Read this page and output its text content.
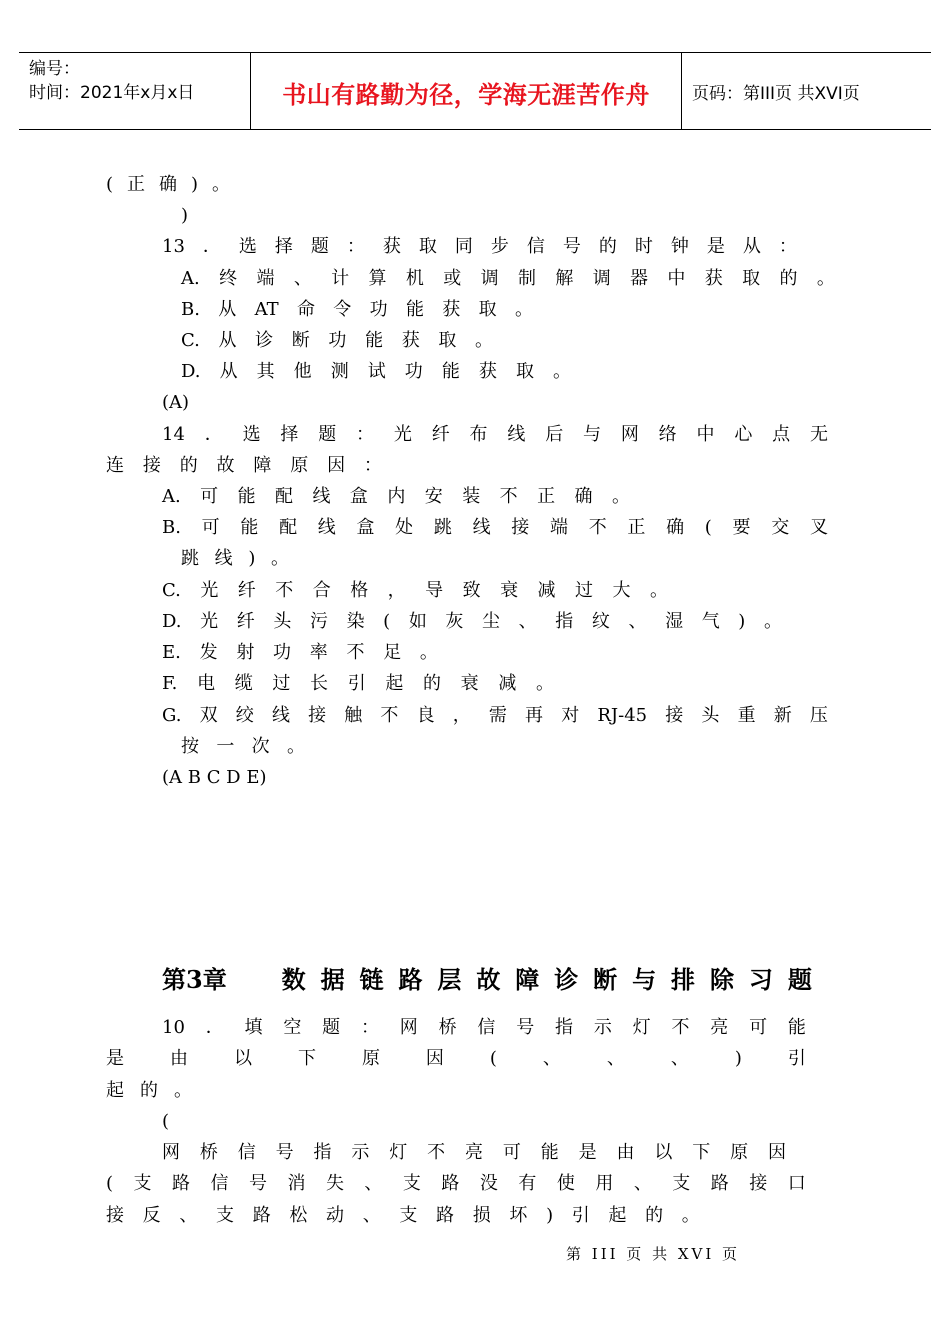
编号：
时间：2021年x月x日	书山有路勤为径，学海无涯苦作舟 页码：第III页 共XVI页
( 正 确 ) 。
)
13 ． 选 择 题 ： 获 取 同 步 信 号 的 时 钟 是 从 ：
A. 终 端 、 计 算 机 或 调 制 解 调 器 中 获 取 的 。
B. 从 AT 命 令 功 能 获 取 。
C. 从 诊 断 功 能 获 取 。
D. 从 其 他 测 试 功 能 获 取 。
(A)
14 ． 选 择 题 ： 光 纤 布 线 后 与 网 络 中 心 点 无
连 接 的 故 障 原 因 ：
A. 可 能 配 线 盒 内 安 装 不 正 确 。
B. 可 能 配 线 盒 处 跳 线 接 端 不 正 确 ( 要 交 叉
跳 线 ) 。
C. 光 纤 不 合 格 ， 导 致 衰 减 过 大 。
D. 光 纤 头 污 染 ( 如 灰 尘 、 指 纹 、 湿 气 ) 。
E. 发 射 功 率 不 足 。
F. 电 缆 过 长 引 起 的 衰 减 。
G. 双 绞 线 接 触 不 良 ， 需 再 对 RJ-45 接 头 重 新 压
按 一 次 。
(A B C D E)
第3章 数 据 链 路 层 故 障 诊 断 与 排 除 习 题
10 ． 填 空 题 ： 网 桥 信 号 指 示 灯 不 亮 可 能
是	由	以	下	原	因	(	、	、	、	)	引
起 的 。
(
网 桥 信 号 指 示 灯 不 亮 可 能 是 由 以 下 原 因
( 支 路 信 号 消 失 、 支 路 没 有 使 用 、 支 路 接 口
接 反 、 支 路 松 动 、 支 路 损 坏 ) 引 起 的 。
第 III 页 共 XVI 页
